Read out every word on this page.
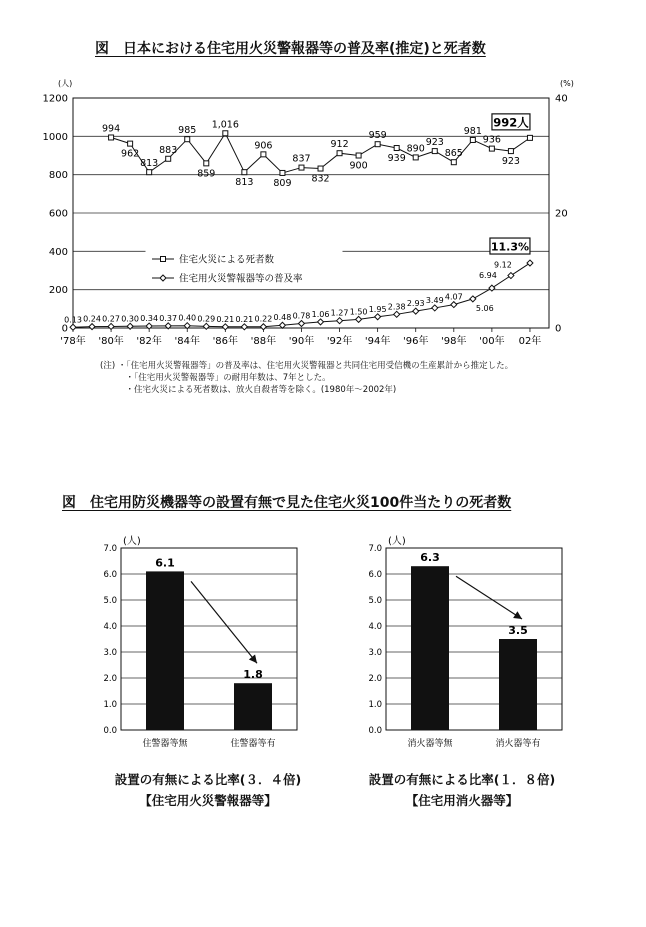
図　日本における住宅用火災警報器等の普及率(推定)と死者数
0
200
400
600
800
1000
1200
0
20
40
(人)	(%)
'78年 '80年 '82年 '84年 '86年 '88年 '90年 '92年 '94年 '96年 '98年 '00年 02年
994
962
813
883
985
859
1,016
813
906
809
837
832
912
900
959
939
890
923
865
981
936
923
0.13 0.24 0.27 0.30 0.34 0.37 0.40 0.29 0.21 0.21 0.22 0.48 0.78 1.06 1.27 1.50 1.95 2.38 2.93 3.49 4.07
5.06
6.94
9.12
992人
11.3%
住宅火災による死者数
住宅用火災警報器等の普及率
(注) ・「住宅用火災警報器等」の普及率は、住宅用火災警報器と共同住宅用受信機の生産累計から推定した。
　　　・「住宅用火災警報器等」の耐用年数は、7年とした。
　　　・住宅火災による死者数は、放火自殺者等を除く。(1980年〜2002年)
図　住宅用防災機器等の設置有無で見た住宅火災100件当たりの死者数
0.0
1.0
2.0
3.0
4.0
5.0
6.0
7.0
(人)
6.1
住警器等無
1.8
住警器等有
0.0
1.0
2.0
3.0
4.0
5.0
6.0
7.0
(人)
6.3
消火器等無
3.5
消火器等有
設置の有無による比率(３．４倍)
【住宅用火災警報器等】
設置の有無による比率(１．８倍)
【住宅用消火器等】
